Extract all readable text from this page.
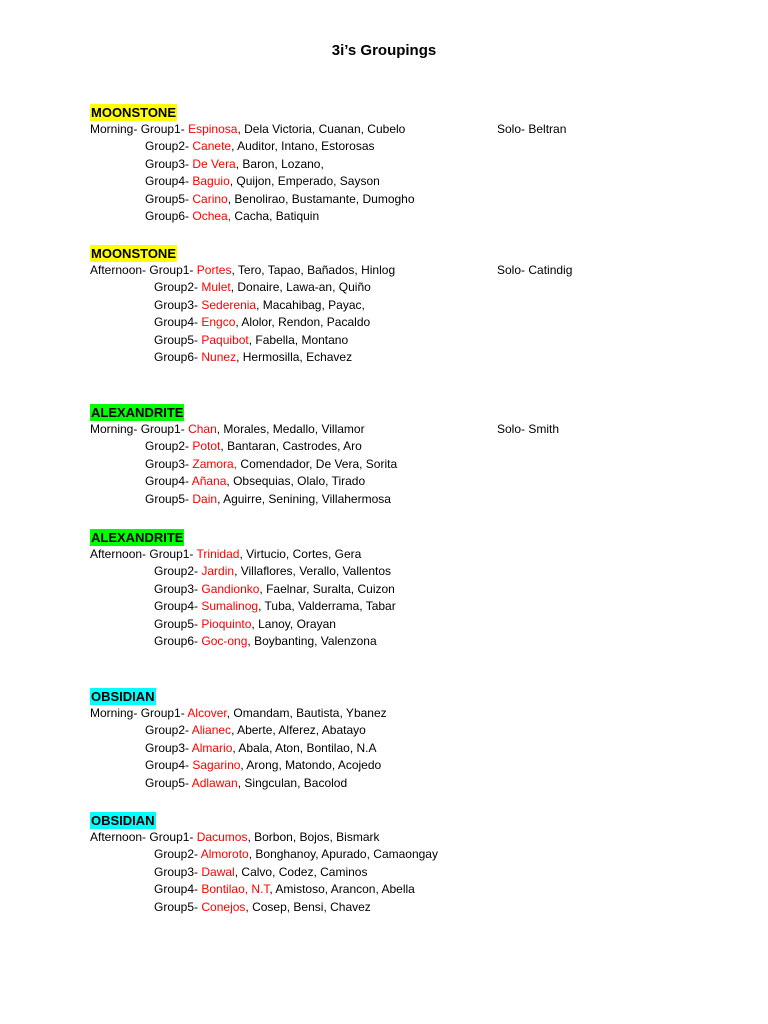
3i’s Groupings
MOONSTONE
Morning- Group1- Espinosa, Dela Victoria, Cuanan, Cubelo	Solo- Beltran
Group2- Canete, Auditor, Intano, Estorosas
Group3- De Vera, Baron, Lozano,
Group4- Baguio, Quijon, Emperado, Sayson
Group5- Carino, Benolirao, Bustamante, Dumogho
Group6- Ochea, Cacha, Batiquin
MOONSTONE
Afternoon- Group1- Portes, Tero, Tapao, Bañados, Hinlog	Solo- Catindig
Group2- Mulet, Donaire, Lawa-an, Quiño
Group3- Sederenia, Macahibag, Payac,
Group4- Engco, Alolor, Rendon, Pacaldo
Group5- Paquibot, Fabella, Montano
Group6- Nunez, Hermosilla, Echavez
ALEXANDRITE
Morning- Group1- Chan, Morales, Medallo, Villamor	Solo- Smith
Group2- Potot, Bantaran, Castrodes, Aro
Group3- Zamora, Comendador, De Vera, Sorita
Group4- Añana, Obsequias, Olalo, Tirado
Group5- Dain, Aguirre, Senining, Villahermosa
ALEXANDRITE
Afternoon- Group1- Trinidad, Virtucio, Cortes, Gera
Group2- Jardin, Villaflores, Verallo, Vallentos
Group3- Gandionko, Faelnar, Suralta, Cuizon
Group4- Sumalinog, Tuba, Valderrama, Tabar
Group5- Pioquinto, Lanoy, Orayan
Group6- Goc-ong, Boybanting, Valenzona
OBSIDIAN
Morning- Group1- Alcover, Omandam, Bautista, Ybanez
Group2- Alianec, Aberte, Alferez, Abatayo
Group3- Almario, Abala, Aton, Bontilao, N.A
Group4- Sagarino, Arong, Matondo, Acojedo
Group5- Adlawan, Singculan, Bacolod
OBSIDIAN
Afternoon- Group1- Dacumos, Borbon, Bojos, Bismark
Group2- Almoroto, Bonghanoy, Apurado, Camaongay
Group3- Dawal, Calvo, Codez, Caminos
Group4- Bontilao, N.T, Amistoso, Arancon, Abella
Group5- Conejos, Cosep, Bensi, Chavez
